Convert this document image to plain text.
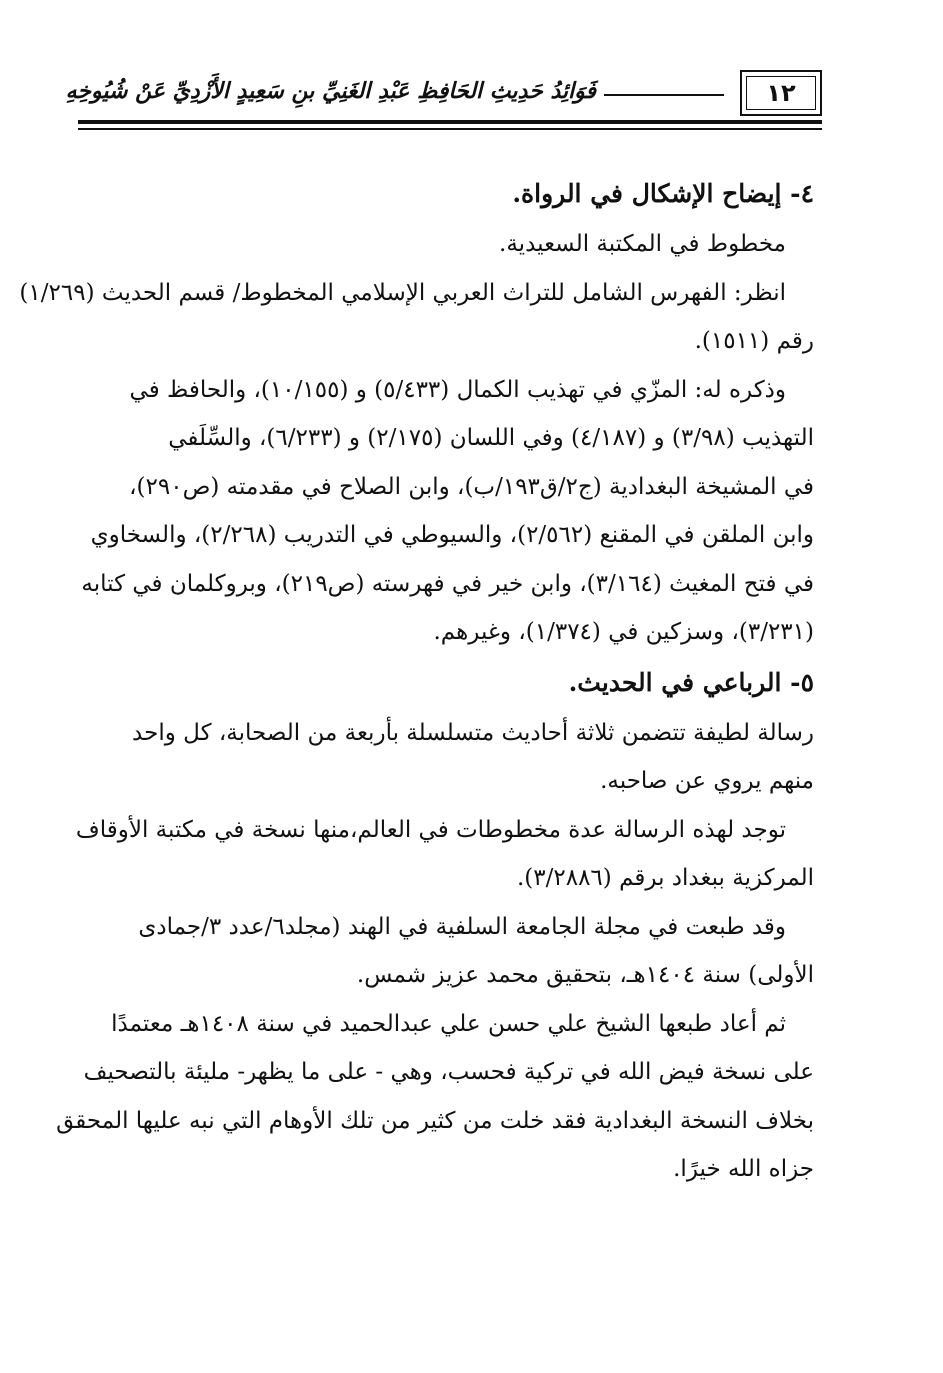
١٢
فَوَائِدُ حَدِيثِ الحَافِظِ عَبْدِ الغَنِيِّ بنِ سَعِيدٍ الأَزْدِيِّ عَنْ شُيُوخِهِ
٤- إيضاح الإشكال في الرواة.
مخطوط في المكتبة السعيدية.
انظر: الفهرس الشامل للتراث العربي الإسلامي المخطوط/ قسم الحديث (١/٢٦٩)
رقم (١٥١١).
وذكره له: المزّي في تهذيب الكمال (٥/٤٣٣) و (١٠/١٥٥)، والحافظ في
التهذيب (٣/٩٨) و (٤/١٨٧) وفي اللسان (٢/١٧٥) و (٦/٢٣٣)، والسِّلَفي
في المشيخة البغدادية (ج٢/ق١٩٣/ب)، وابن الصلاح في مقدمته (ص٢٩٠)،
وابن الملقن في المقنع (٢/٥٦٢)، والسيوطي في التدريب (٢/٢٦٨)، والسخاوي
في فتح المغيث (٣/١٦٤)، وابن خير في فهرسته (ص٢١٩)، وبروكلمان في كتابه
(٣/٢٣١)، وسزكين في (١/٣٧٤)، وغيرهم.
٥- الرباعي في الحديث.
رسالة لطيفة تتضمن ثلاثة أحاديث متسلسلة بأربعة من الصحابة، كل واحد
منهم يروي عن صاحبه.
توجد لهذه الرسالة عدة مخطوطات في العالم،منها نسخة في مكتبة الأوقاف
المركزية ببغداد برقم (٣/٢٨٨٦).
وقد طبعت في مجلة الجامعة السلفية في الهند (مجلد٦/عدد ٣/جمادى
الأولى) سنة ١٤٠٤هـ، بتحقيق محمد عزيز شمس.
ثم أعاد طبعها الشيخ علي حسن علي عبدالحميد في سنة ١٤٠٨هـ معتمدًا
على نسخة فيض الله في تركية فحسب، وهي - على ما يظهر- مليئة بالتصحيف
بخلاف النسخة البغدادية فقد خلت من كثير من تلك الأوهام التي نبه عليها المحقق
جزاه الله خيرًا.
